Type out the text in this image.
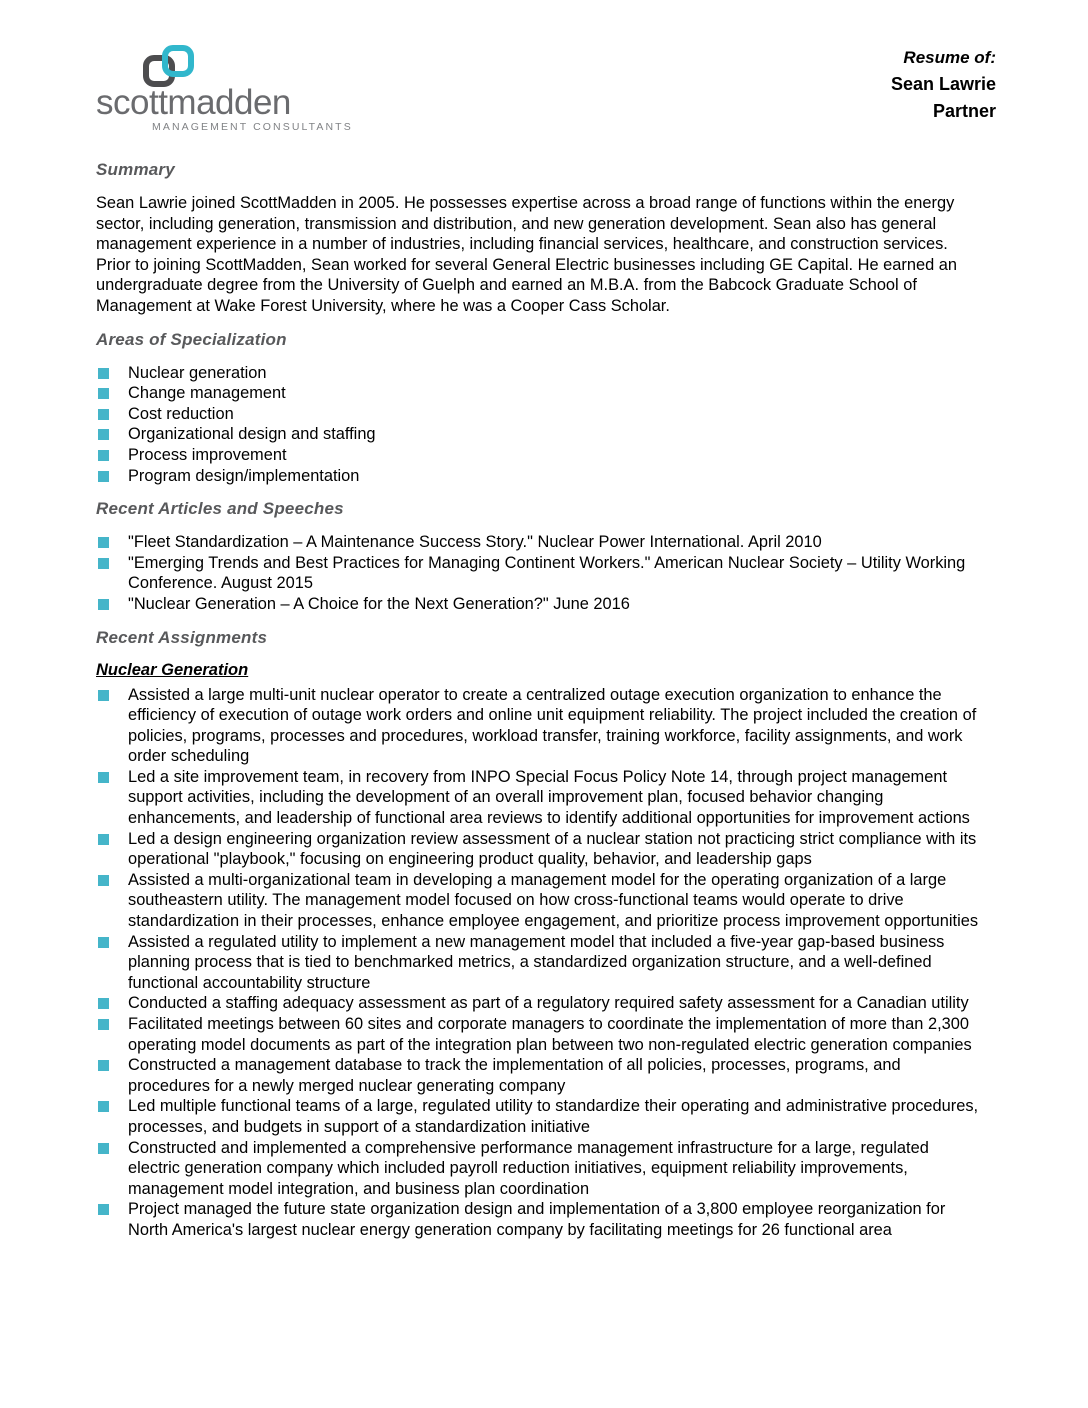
scottmadden
MANAGEMENT CONSULTANTS
Resume of:
Sean Lawrie
Partner
Summary

Sean Lawrie joined ScottMadden in 2005. He possesses expertise across a broad range of functions within the energy sector, including generation, transmission and distribution, and new generation development. Sean also has general management experience in a number of industries, including financial services, healthcare, and construction services. Prior to joining ScottMadden, Sean worked for several General Electric businesses including GE Capital. He earned an undergraduate degree from the University of Guelph and earned an M.B.A. from the Babcock Graduate School of Management at Wake Forest University, where he was a Cooper Cass Scholar.

Areas of Specialization
Nuclear generation
Change management
Cost reduction
Organizational design and staffing
Process improvement
Program design/implementation
Recent Articles and Speeches
"Fleet Standardization – A Maintenance Success Story." Nuclear Power International. April 2010
"Emerging Trends and Best Practices for Managing Continent Workers." American Nuclear Society – Utility Working Conference. August 2015
"Nuclear Generation – A Choice for the Next Generation?" June 2016
Recent Assignments
Nuclear Generation
Assisted a large multi-unit nuclear operator to create a centralized outage execution organization to enhance the efficiency of execution of outage work orders and online unit equipment reliability. The project included the creation of policies, programs, processes and procedures, workload transfer, training workforce, facility assignments, and work order scheduling
Led a site improvement team, in recovery from INPO Special Focus Policy Note 14, through project management support activities, including the development of an overall improvement plan, focused behavior changing enhancements, and leadership of functional area reviews to identify additional opportunities for improvement actions
Led a design engineering organization review assessment of a nuclear station not practicing strict compliance with its operational "playbook," focusing on engineering product quality, behavior, and leadership gaps
Assisted a multi-organizational team in developing a management model for the operating organization of a large southeastern utility. The management model focused on how cross-functional teams would operate to drive standardization in their processes, enhance employee engagement, and prioritize process improvement opportunities
Assisted a regulated utility to implement a new management model that included a five-year gap-based business planning process that is tied to benchmarked metrics, a standardized organization structure, and a well-defined functional accountability structure
Conducted a staffing adequacy assessment as part of a regulatory required safety assessment for a Canadian utility
Facilitated meetings between 60 sites and corporate managers to coordinate the implementation of more than 2,300 operating model documents as part of the integration plan between two non-regulated electric generation companies
Constructed a management database to track the implementation of all policies, processes, programs, and procedures for a newly merged nuclear generating company
Led multiple functional teams of a large, regulated utility to standardize their operating and administrative procedures, processes, and budgets in support of a standardization initiative
Constructed and implemented a comprehensive performance management infrastructure for a large, regulated electric generation company which included payroll reduction initiatives, equipment reliability improvements, management model integration, and business plan coordination
Project managed the future state organization design and implementation of a 3,800 employee reorganization for North America's largest nuclear energy generation company by facilitating meetings for 26 functional area
